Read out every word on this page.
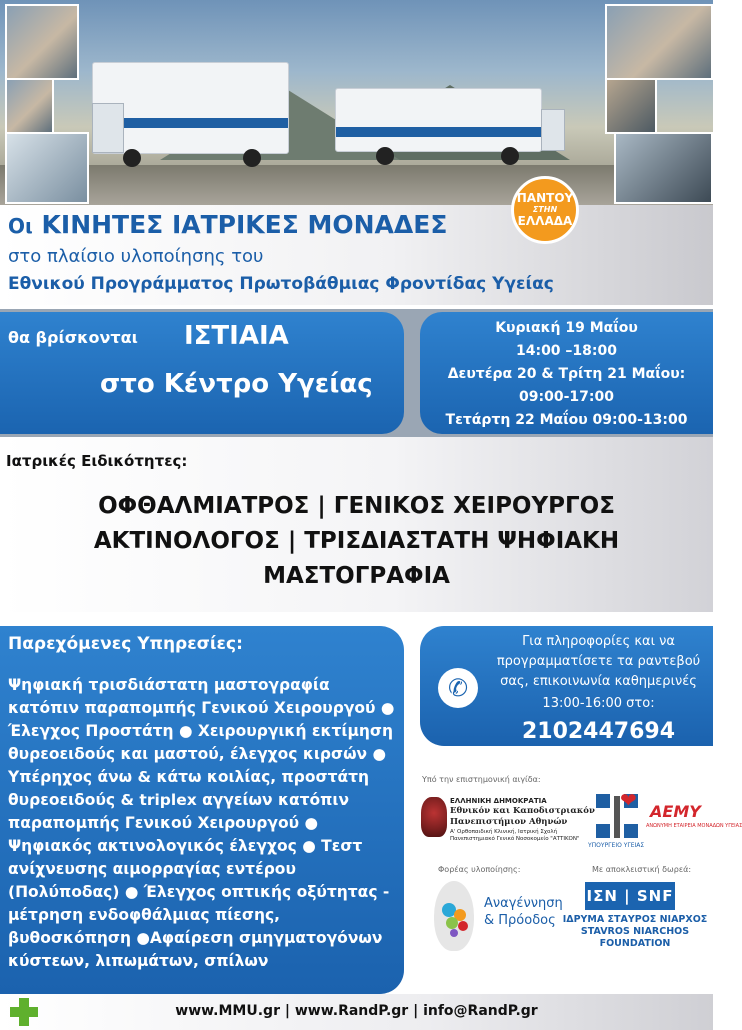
Οι ΚΙΝΗΤΕΣ ΙΑΤΡΙΚΕΣ ΜΟΝΑΔΕΣ
στο πλαίσιο υλοποίησης του
Εθνικού Προγράμματος Πρωτοβάθμιας Φροντίδας Υγείας
ΠΑΝΤΟΥ
ΣΤΗΝ
ΕΛΛΑΔΑ
θα βρίσκονται ΙΣΤΙΑΙΑ
στο Κέντρο Υγείας
Κυριακή 19 Μαΐου
14:00 –18:00
Δευτέρα 20 & Τρίτη 21 Μαΐου:
09:00-17:00
Τετάρτη 22 Μαΐου 09:00-13:00
Ιατρικές Ειδικότητες:
ΟΦΘΑΛΜΙΑΤΡΟΣ | ΓΕΝΙΚΟΣ ΧΕΙΡΟΥΡΓΟΣ
ΑΚΤΙΝΟΛΟΓΟΣ | ΤΡΙΣΔΙΑΣΤΑΤΗ ΨΗΦΙΑΚΗ
ΜΑΣΤΟΓΡΑΦΙΑ
Παρεχόμενες Υπηρεσίες:
Ψηφιακή τρισδιάστατη μαστογραφία
κατόπιν παραπομπής Γενικού Χειρουργού ●
Έλεγχος Προστάτη ● Χειρουργική εκτίμηση
θυρεοειδούς και μαστού, έλεγχος κιρσών ●
Υπέρηχος άνω & κάτω κοιλίας, προστάτη
θυρεοειδούς & triplex αγγείων κατόπιν
παραπομπής Γενικού Χειρουργού ●
Ψηφιακός ακτινολογικός έλεγχος ● Τεστ
ανίχνευσης αιμορραγίας εντέρου
(Πολύποδας) ● Έλεγχος οπτικής οξύτητας -
μέτρηση ενδοφθάλμιας πίεσης,
βυθοσκόπηση ●Αφαίρεση σμηγματογόνων
κύστεων, λιπωμάτων, σπίλων
✆
Για πληροφορίες και να
προγραμματίσετε τα ραντεβού
σας, επικοινωνία καθημερινές
13:00-16:00 στο:
2102447694
Υπό την επιστημονική αιγίδα:
ΕΛΛΗΝΙΚΗ ΔΗΜΟΚΡΑΤΙΑ
Εθνικόν και Καποδιστριακόν
Πανεπιστήμιον Αθηνών
Α' Ορθοπαιδική Κλινική, Ιατρική Σχολή
Πανεπιστημιακό Γενικό Νοσοκομείο "ΑΤΤΙΚΟΝ"
❤
ΥΠΟΥΡΓΕΙΟ ΥΓΕΙΑΣ
ΑΕΜΥ
ΑΝΩΝΥΜΗ ΕΤΑΙΡΕΙΑ ΜΟΝΑΔΩΝ ΥΓΕΙΑΣ
Φορέας υλοποίησης:
Αναγέννηση
& Πρόοδος
Με αποκλειστική δωρεά:
ΙΣΝ | SNF
ΙΔΡΥΜΑ ΣΤΑΥΡΟΣ ΝΙΑΡΧΟΣ
STAVROS NIARCHOS
FOUNDATION
www.MMU.gr | www.RandP.gr | info@RandP.gr
